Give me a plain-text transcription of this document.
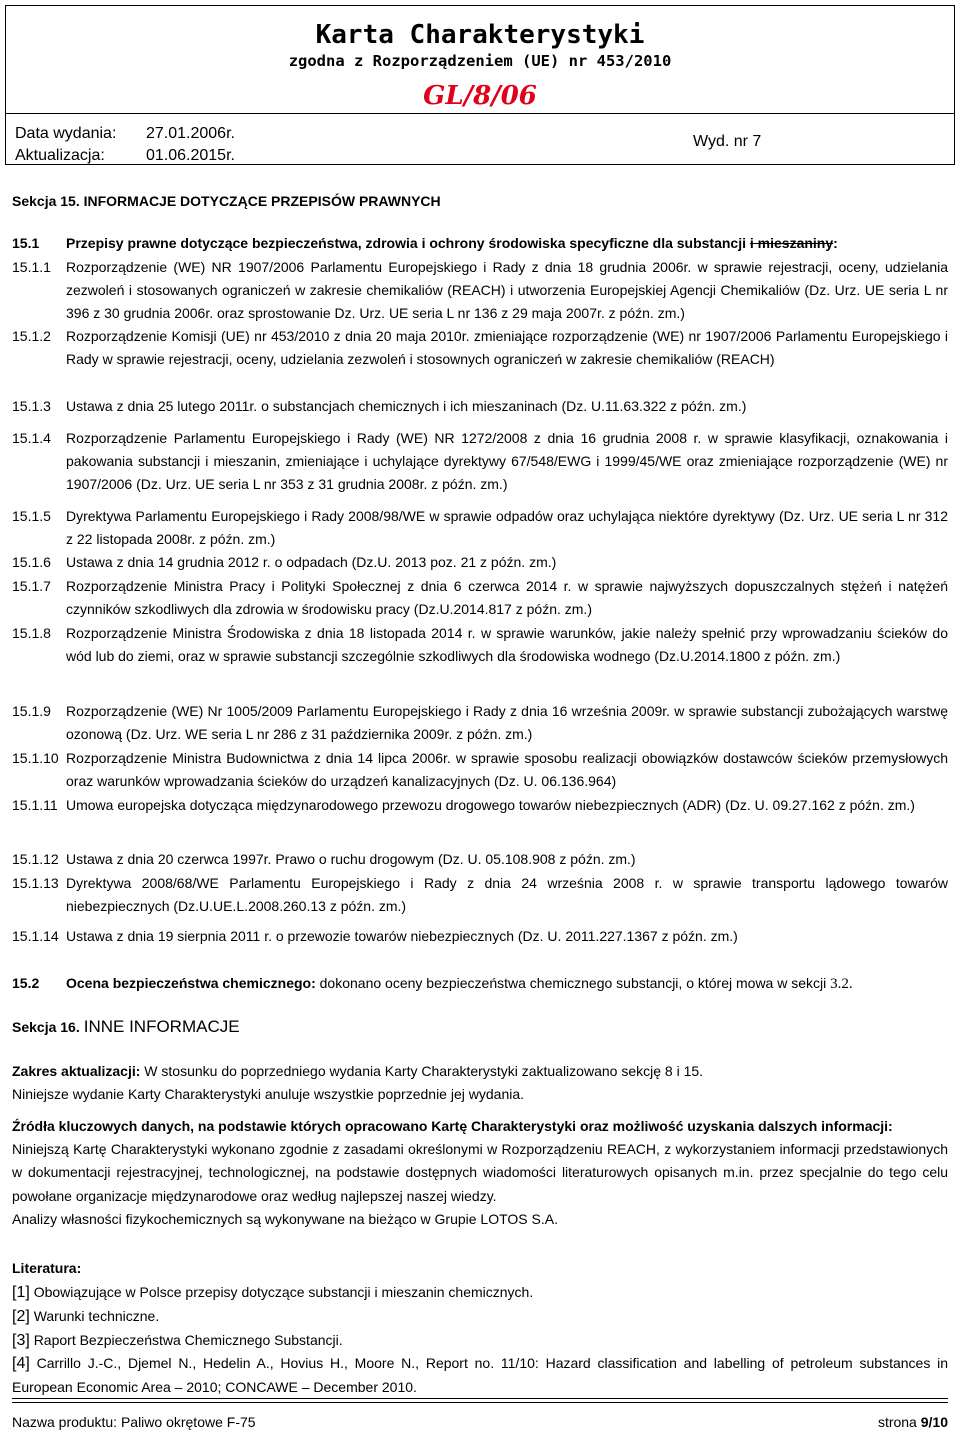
Karta Charakterystyki
zgodna z Rozporządzeniem (UE) nr 453/2010
GL/8/06
Data wydania: 27.01.2006r.
Aktualizacja:	01.06.2015r.
Wyd. nr 7
Sekcja 15. INFORMACJE DOTYCZĄCE PRZEPISÓW PRAWNYCH
15.1 Przepisy prawne dotyczące bezpieczeństwa, zdrowia i ochrony środowiska specyficzne dla substancji i mieszaniny:
15.1.1 Rozporządzenie (WE) NR 1907/2006 Parlamentu Europejskiego i Rady z dnia 18 grudnia 2006r. w sprawie rejestracji, oceny, udzielania zezwoleń i stosowanych ograniczeń w zakresie chemikaliów (REACH) i utworzenia Europejskiej Agencji Chemikaliów (Dz. Urz. UE seria L nr 396 z 30 grudnia 2006r. oraz sprostowanie Dz. Urz. UE seria L nr 136 z 29 maja 2007r. z późn. zm.)
15.1.2 Rozporządzenie Komisji (UE) nr 453/2010 z dnia 20 maja 2010r. zmieniające rozporządzenie (WE) nr 1907/2006 Parlamentu Europejskiego i Rady w sprawie rejestracji, oceny, udzielania zezwoleń i stosownych ograniczeń w zakresie chemikaliów (REACH)
15.1.3 Ustawa z dnia 25 lutego 2011r. o substancjach chemicznych i ich mieszaninach (Dz. U.11.63.322 z późn. zm.)
15.1.4 Rozporządzenie Parlamentu Europejskiego i Rady (WE) NR 1272/2008 z dnia 16 grudnia 2008 r. w sprawie klasyfikacji, oznakowania i pakowania substancji i mieszanin, zmieniające i uchylające dyrektywy 67/548/EWG i 1999/45/WE oraz zmieniające rozporządzenie (WE) nr 1907/2006 (Dz. Urz. UE seria L nr 353 z 31 grudnia 2008r. z późn. zm.)
15.1.5 Dyrektywa Parlamentu Europejskiego i Rady 2008/98/WE w sprawie odpadów oraz uchylająca niektóre dyrektywy (Dz. Urz. UE seria L nr 312 z 22 listopada 2008r. z późn. zm.)
15.1.6 Ustawa z dnia 14 grudnia 2012 r. o odpadach (Dz.U. 2013 poz. 21 z późn. zm.)
15.1.7 Rozporządzenie Ministra Pracy i Polityki Społecznej z dnia 6 czerwca 2014 r. w sprawie najwyższych dopuszczalnych stężeń i natężeń czynników szkodliwych dla zdrowia w środowisku pracy (Dz.U.2014.817 z późn. zm.)
15.1.8 Rozporządzenie Ministra Środowiska z dnia 18 listopada 2014 r. w sprawie warunków, jakie należy spełnić przy wprowadzaniu ścieków do wód lub do ziemi, oraz w sprawie substancji szczególnie szkodliwych dla środowiska wodnego (Dz.U.2014.1800 z późn. zm.)
15.1.9 Rozporządzenie (WE) Nr 1005/2009 Parlamentu Europejskiego i Rady z dnia 16 września 2009r. w sprawie substancji zubożających warstwę ozonową (Dz. Urz. WE seria L nr 286 z 31 października 2009r. z późn. zm.)
15.1.10 Rozporządzenie Ministra Budownictwa z dnia 14 lipca 2006r. w sprawie sposobu realizacji obowiązków dostawców ścieków przemysłowych oraz warunków wprowadzania ścieków do urządzeń kanalizacyjnych (Dz. U. 06.136.964)
15.1.11 Umowa europejska dotycząca międzynarodowego przewozu drogowego towarów niebezpiecznych (ADR) (Dz. U. 09.27.162 z późn. zm.)
15.1.12 Ustawa z dnia 20 czerwca 1997r. Prawo o ruchu drogowym (Dz. U. 05.108.908 z późn. zm.)
15.1.13 Dyrektywa 2008/68/WE Parlamentu Europejskiego i Rady z dnia 24 września 2008 r. w sprawie transportu lądowego towarów niebezpiecznych (Dz.U.UE.L.2008.260.13 z późn. zm.)
15.1.14 Ustawa z dnia 19 sierpnia 2011 r. o przewozie towarów niebezpiecznych (Dz. U. 2011.227.1367 z późn. zm.)
15.2 Ocena bezpieczeństwa chemicznego: dokonano oceny bezpieczeństwa chemicznego substancji, o której mowa w sekcji 3.2.
Sekcja 16. INNE INFORMACJE
Zakres aktualizacji: W stosunku do poprzedniego wydania Karty Charakterystyki zaktualizowano sekcję 8 i 15.
Niniejsze wydanie Karty Charakterystyki anuluje wszystkie poprzednie jej wydania.
Źródła kluczowych danych, na podstawie których opracowano Kartę Charakterystyki oraz możliwość uzyskania dalszych informacji:
Niniejszą Kartę Charakterystyki wykonano zgodnie z zasadami określonymi w Rozporządzeniu REACH, z wykorzystaniem informacji przedstawionych w dokumentacji rejestracyjnej, technologicznej, na podstawie dostępnych wiadomości literaturowych opisanych m.in. przez specjalnie do tego celu powołane organizacje międzynarodowe oraz według najlepszej naszej wiedzy.
Analizy własności fizykochemicznych są wykonywane na bieżąco w Grupie LOTOS S.A.
Literatura:
[1] Obowiązujące w Polsce przepisy dotyczące substancji i mieszanin chemicznych.
[2] Warunki techniczne.
[3] Raport Bezpieczeństwa Chemicznego Substancji.
[4] Carrillo J.-C., Djemel N., Hedelin A., Hovius H., Moore N., Report no. 11/10: Hazard classification and labelling of petroleum substances in European Economic Area – 2010; CONCAWE – December 2010.
Nazwa produktu: Paliwo okrętowe F-75	strona 9/10
